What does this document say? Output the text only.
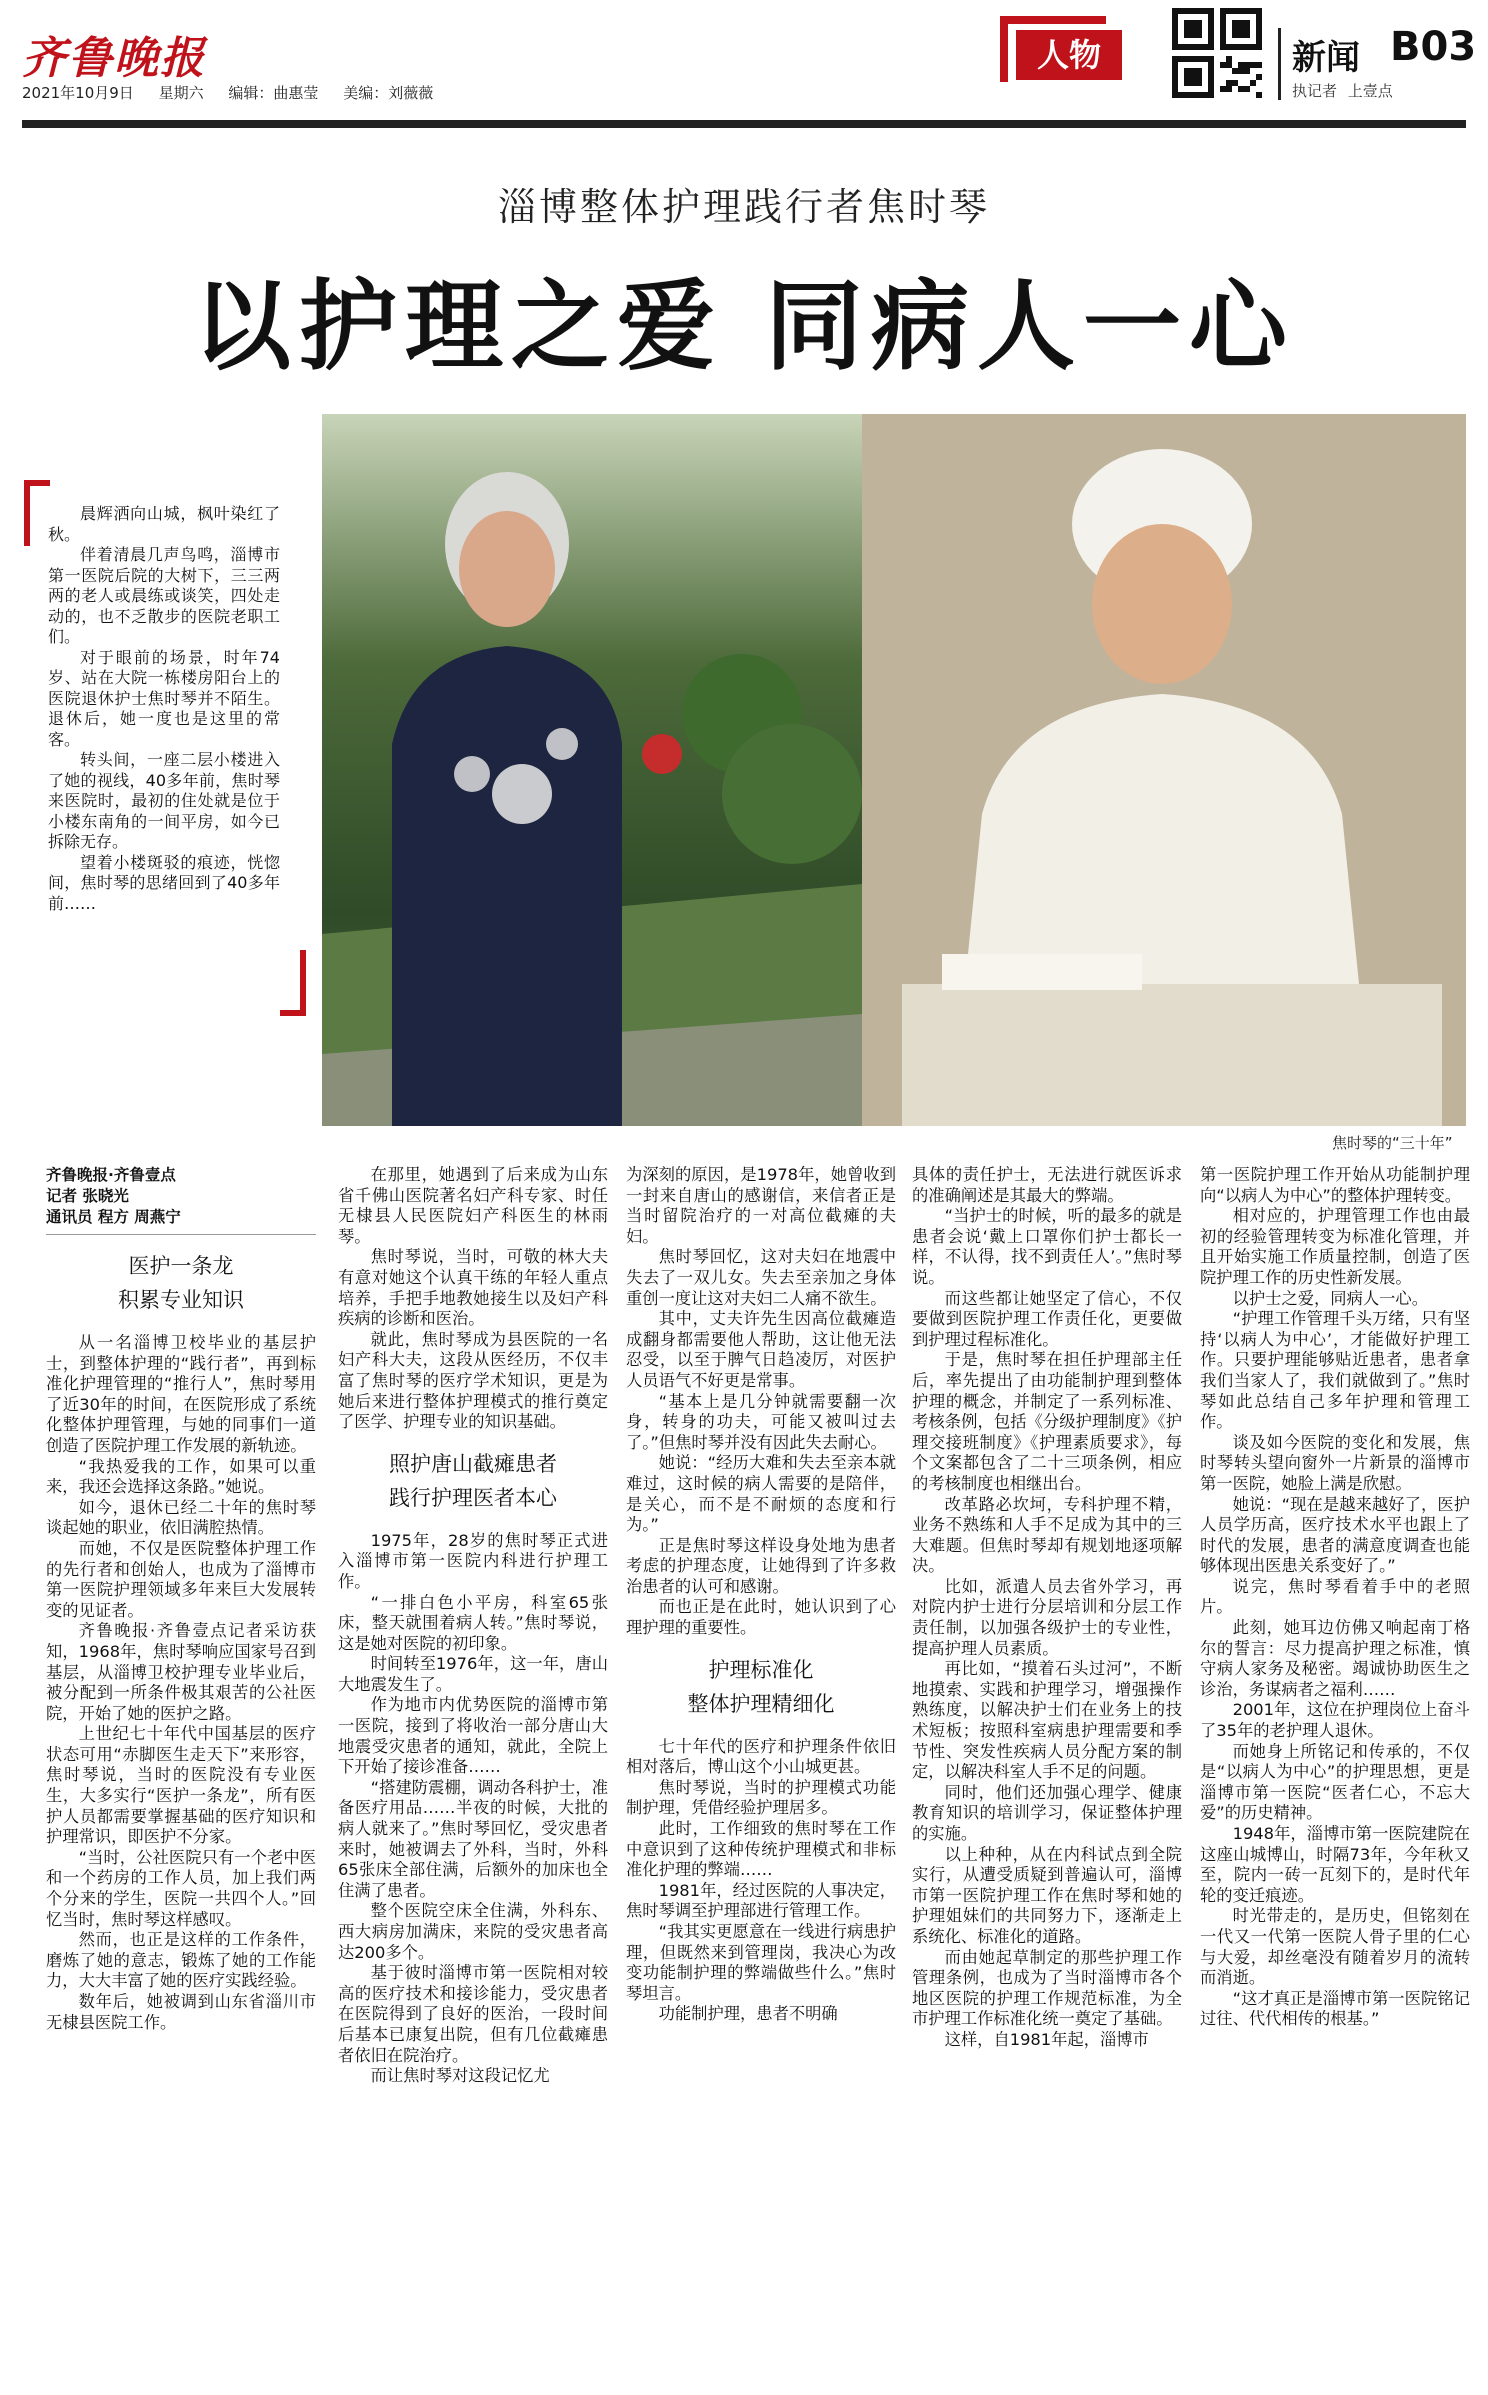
齐鲁晚报
2021年10月9日 星期六 编辑：曲惠莹 美编：刘薇薇
人物	新闻 B03
执记者 上壹点
淄博整体护理践行者焦时琴
以护理之爱 同病人一心

晨辉洒向山城，枫叶染红了秋。

伴着清晨几声鸟鸣，淄博市第一医院后院的大树下，三三两两的老人或晨练或谈笑，四处走动的，也不乏散步的医院老职工们。

对于眼前的场景，时年74岁、站在大院一栋楼房阳台上的医院退休护士焦时琴并不陌生。退休后，她一度也是这里的常客。

转头间，一座二层小楼进入了她的视线，40多年前，焦时琴来医院时，最初的住处就是位于小楼东南角的一间平房，如今已拆除无存。

望着小楼斑驳的痕迹，恍惚间，焦时琴的思绪回到了40多年前……

焦时琴的“三十年”
齐鲁晚报·齐鲁壹点
记者 张晓光
通讯员 程方 周燕宁
医护一条龙
积累专业知识

从一名淄博卫校毕业的基层护士，到整体护理的“践行者”，再到标准化护理管理的“推行人”，焦时琴用了近30年的时间，在医院形成了系统化整体护理管理，与她的同事们一道创造了医院护理工作发展的新轨迹。

“我热爱我的工作，如果可以重来，我还会选择这条路。”她说。

如今，退休已经二十年的焦时琴谈起她的职业，依旧满腔热情。

而她，不仅是医院整体护理工作的先行者和创始人，也成为了淄博市第一医院护理领域多年来巨大发展转变的见证者。

齐鲁晚报·齐鲁壹点记者采访获知，1968年，焦时琴响应国家号召到基层，从淄博卫校护理专业毕业后，被分配到一所条件极其艰苦的公社医院，开始了她的医护之路。

上世纪七十年代中国基层的医疗状态可用“赤脚医生走天下”来形容，焦时琴说，当时的医院没有专业医生，大多实行“医护一条龙”，所有医护人员都需要掌握基础的医疗知识和护理常识，即医护不分家。

“当时，公社医院只有一个老中医和一个药房的工作人员，加上我们两个分来的学生，医院一共四个人。”回忆当时，焦时琴这样感叹。

然而，也正是这样的工作条件，磨炼了她的意志，锻炼了她的工作能力，大大丰富了她的医疗实践经验。

数年后，她被调到山东省淄川市无棣县医院工作。

在那里，她遇到了后来成为山东省千佛山医院著名妇产科专家、时任无棣县人民医院妇产科医生的林雨琴。

焦时琴说，当时，可敬的林大夫有意对她这个认真干练的年轻人重点培养，手把手地教她接生以及妇产科疾病的诊断和医治。

就此，焦时琴成为县医院的一名妇产科大夫，这段从医经历，不仅丰富了焦时琴的医疗学术知识，更是为她后来进行整体护理模式的推行奠定了医学、护理专业的知识基础。

照护唐山截瘫患者
践行护理医者本心

1975年，28岁的焦时琴正式进入淄博市第一医院内科进行护理工作。

“一排白色小平房，科室65张床，整天就围着病人转。”焦时琴说，这是她对医院的初印象。

时间转至1976年，这一年，唐山大地震发生了。

作为地市内优势医院的淄博市第一医院，接到了将收治一部分唐山大地震受灾患者的通知，就此，全院上下开始了接诊准备……

“搭建防震棚，调动各科护士，准备医疗用品……半夜的时候，大批的病人就来了。”焦时琴回忆，受灾患者来时，她被调去了外科，当时，外科65张床全部住满，后额外的加床也全住满了患者。

整个医院空床全住满，外科东、西大病房加满床，来院的受灾患者高达200多个。

基于彼时淄博市第一医院相对较高的医疗技术和接诊能力，受灾患者在医院得到了良好的医治，一段时间后基本已康复出院，但有几位截瘫患者依旧在院治疗。

而让焦时琴对这段记忆尤

为深刻的原因，是1978年，她曾收到一封来自唐山的感谢信，来信者正是当时留院治疗的一对高位截瘫的夫妇。

焦时琴回忆，这对夫妇在地震中失去了一双儿女。失去至亲加之身体重创一度让这对夫妇二人痛不欲生。

其中，丈夫许先生因高位截瘫造成翻身都需要他人帮助，这让他无法忍受，以至于脾气日趋凌厉，对医护人员语气不好更是常事。

“基本上是几分钟就需要翻一次身，转身的功夫，可能又被叫过去了。”但焦时琴并没有因此失去耐心。

她说：“经历大难和失去至亲本就难过，这时候的病人需要的是陪伴，是关心，而不是不耐烦的态度和行为。”

正是焦时琴这样设身处地为患者考虑的护理态度，让她得到了许多救治患者的认可和感谢。

而也正是在此时，她认识到了心理护理的重要性。

护理标准化
整体护理精细化

七十年代的医疗和护理条件依旧相对落后，博山这个小山城更甚。

焦时琴说，当时的护理模式功能制护理，凭借经验护理居多。

此时，工作细致的焦时琴在工作中意识到了这种传统护理模式和非标准化护理的弊端……

1981年，经过医院的人事决定，焦时琴调至护理部进行管理工作。

“我其实更愿意在一线进行病患护理，但既然来到管理岗，我决心为改变功能制护理的弊端做些什么。”焦时琴坦言。

功能制护理，患者不明确

具体的责任护士，无法进行就医诉求的准确阐述是其最大的弊端。

“当护士的时候，听的最多的就是患者会说‘戴上口罩你们护士都长一样，不认得，找不到责任人’。”焦时琴说。

而这些都让她坚定了信心，不仅要做到医院护理工作责任化，更要做到护理过程标准化。

于是，焦时琴在担任护理部主任后，率先提出了由功能制护理到整体护理的概念，并制定了一系列标准、考核条例，包括《分级护理制度》《护理交接班制度》《护理素质要求》，每个文案都包含了二十三项条例，相应的考核制度也相继出台。

改革路必坎坷，专科护理不精，业务不熟练和人手不足成为其中的三大难题。但焦时琴却有规划地逐项解决。

比如，派遣人员去省外学习，再对院内护士进行分层培训和分层工作责任制，以加强各级护士的专业性，提高护理人员素质。

再比如，“摸着石头过河”，不断地摸索、实践和护理学习，增强操作熟练度，以解决护士们在业务上的技术短板；按照科室病患护理需要和季节性、突发性疾病人员分配方案的制定，以解决科室人手不足的问题。

同时，他们还加强心理学、健康教育知识的培训学习，保证整体护理的实施。

以上种种，从在内科试点到全院实行，从遭受质疑到普遍认可，淄博市第一医院护理工作在焦时琴和她的护理姐妹们的共同努力下，逐渐走上系统化、标准化的道路。

而由她起草制定的那些护理工作管理条例，也成为了当时淄博市各个地区医院的护理工作规范标准，为全市护理工作标准化统一奠定了基础。

这样，自1981年起，淄博市

第一医院护理工作开始从功能制护理向“以病人为中心”的整体护理转变。

相对应的，护理管理工作也由最初的经验管理转变为标准化管理，并且开始实施工作质量控制，创造了医院护理工作的历史性新发展。

以护士之爱，同病人一心。

“护理工作管理千头万绪，只有坚持‘以病人为中心’，才能做好护理工作。只要护理能够贴近患者，患者拿我们当家人了，我们就做到了。”焦时琴如此总结自己多年护理和管理工作。

谈及如今医院的变化和发展，焦时琴转头望向窗外一片新景的淄博市第一医院，她脸上满是欣慰。

她说：“现在是越来越好了，医护人员学历高，医疗技术水平也跟上了时代的发展，患者的满意度调查也能够体现出医患关系变好了。”

说完，焦时琴看着手中的老照片。

此刻，她耳边仿佛又响起南丁格尔的誓言：尽力提高护理之标准，慎守病人家务及秘密。竭诚协助医生之诊治，务谋病者之福利……

2001年，这位在护理岗位上奋斗了35年的老护理人退休。

而她身上所铭记和传承的，不仅是“以病人为中心”的护理思想，更是淄博市第一医院“医者仁心，不忘大爱”的历史精神。

1948年，淄博市第一医院建院在这座山城博山，时隔73年，今年秋又至，院内一砖一瓦刻下的，是时代年轮的变迁痕迹。

时光带走的，是历史，但铭刻在一代又一代第一医院人骨子里的仁心与大爱，却丝毫没有随着岁月的流转而消逝。

“这才真正是淄博市第一医院铭记过往、代代相传的根基。”
